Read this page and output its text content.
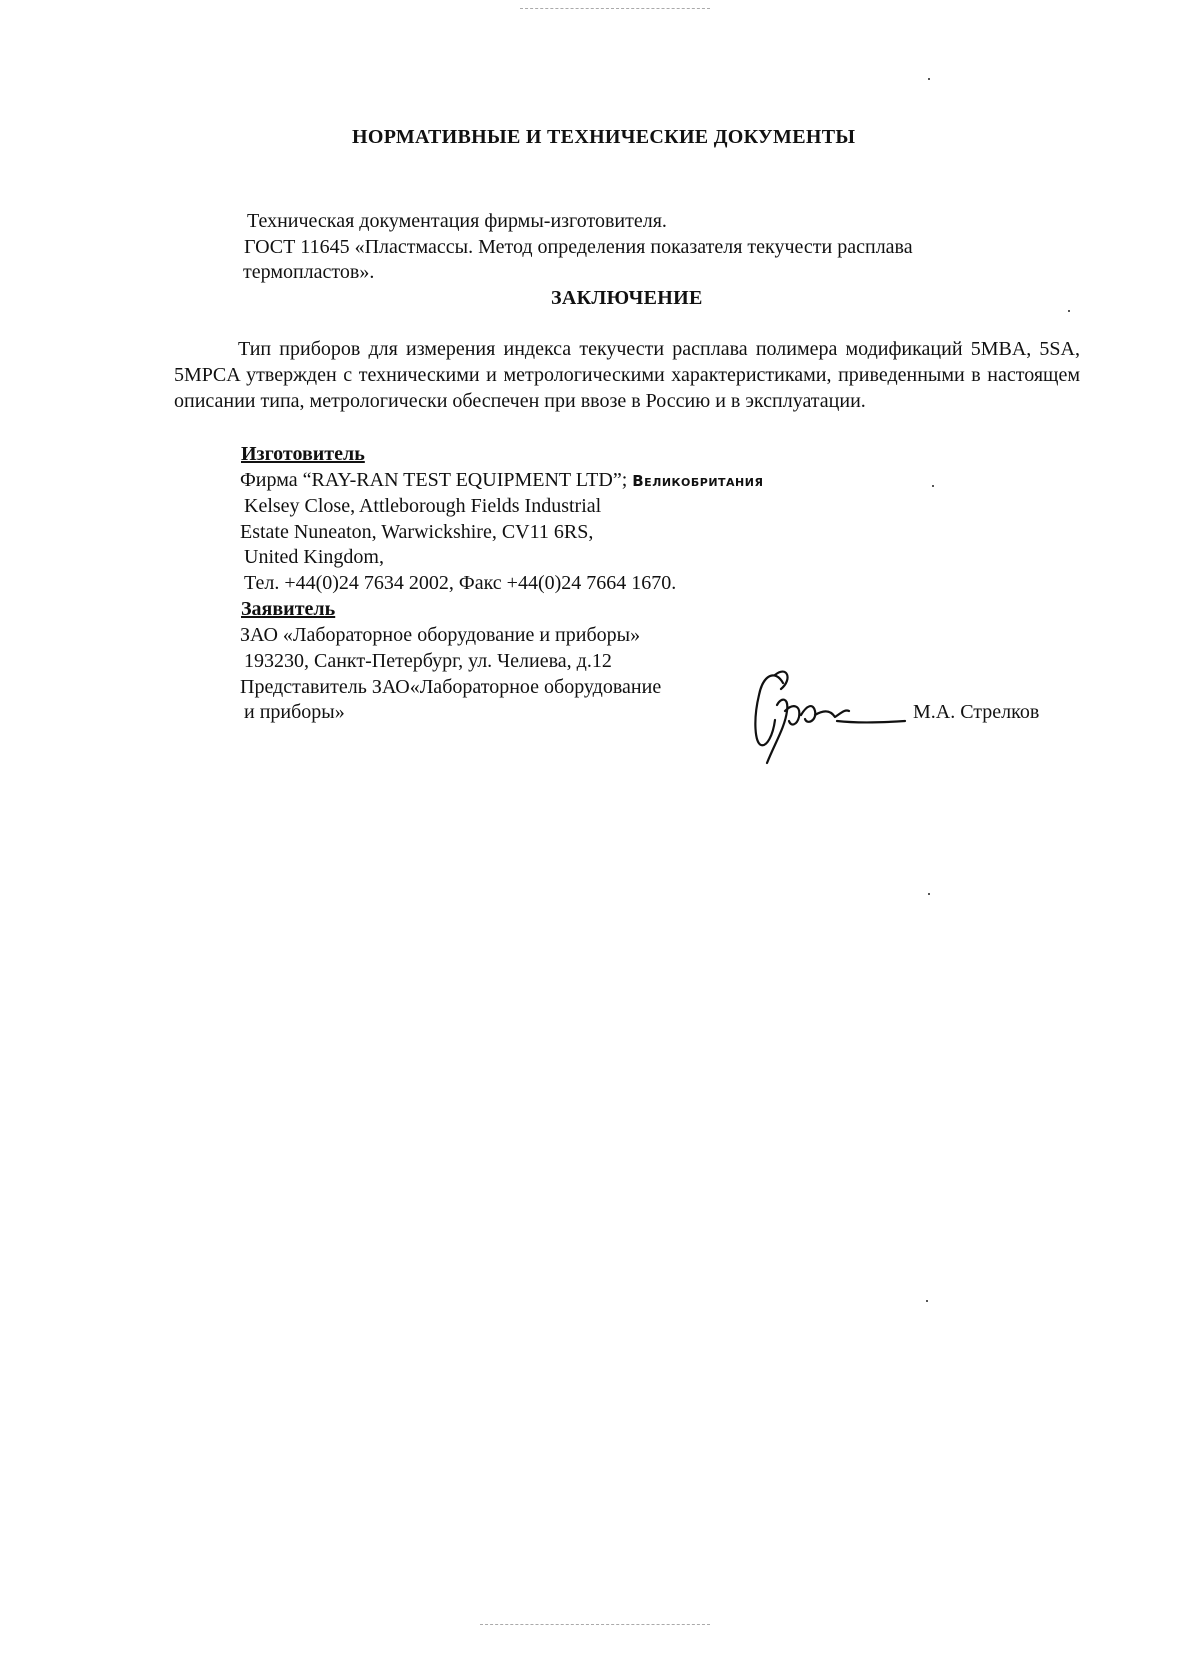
НОРМАТИВНЫЕ И ТЕХНИЧЕСКИЕ ДОКУМЕНТЫ
Техническая документация фирмы-изготовителя.
ГОСТ 11645 «Пластмассы. Метод определения показателя текучести расплава
термопластов».
ЗАКЛЮЧЕНИЕ
Тип приборов для измерения индекса текучести расплава полимера модификаций 5MBA, 5SA, 5MPCA утвержден с техническими и метрологическими характеристиками, приведенными в настоящем описании типа, метрологически обеспечен при ввозе в Россию и в эксплуатации.
Изготовитель
Фирма “RAY-RAN TEST EQUIPMENT LTD”; Великобритания
Kelsey Close, Attleborough Fields Industrial
Estate Nuneaton, Warwickshire, CV11 6RS,
United Kingdom,
Тел. +44(0)24 7634 2002, Факс +44(0)24 7664 1670.
Заявитель
ЗАО «Лабораторное оборудование и приборы»
193230, Санкт-Петербург, ул. Челиева, д.12
Представитель ЗАО«Лабораторное оборудование
и приборы»	М.А. Стрелков
